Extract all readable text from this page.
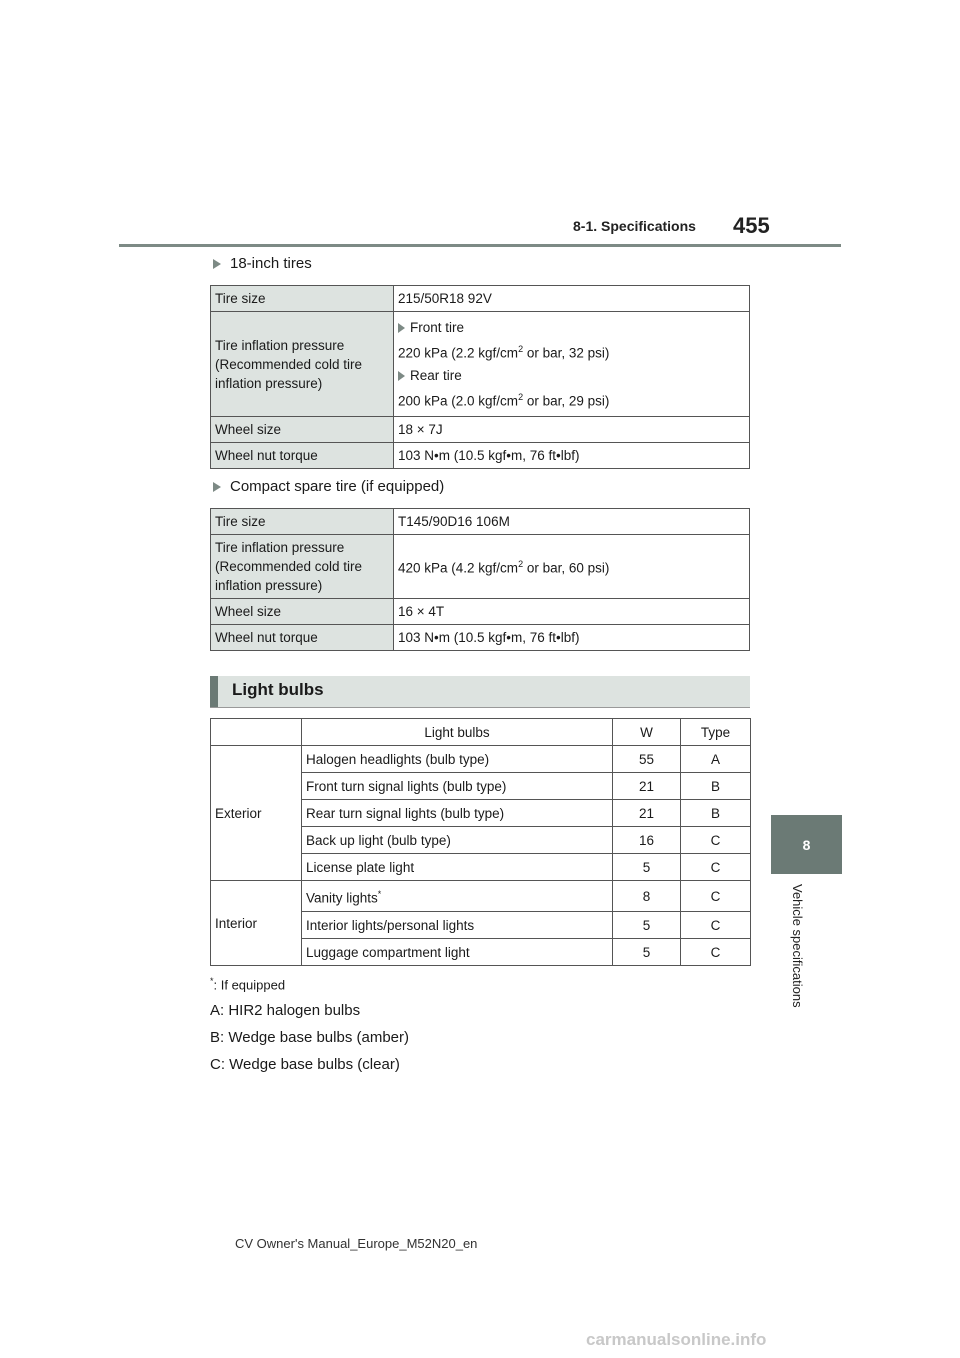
8-1. Specifications 455
8
Vehicle specifications
18-inch tires
Tire size	215/50R18 92V
Tire inflation pressure (Recommended cold tire inflation pressure)	Front tire

220 kPa (2.2 kgf/$cm^2$ or bar, 32 psi)

Rear tire

200 kPa (2.0 kgf/$cm^2$ or bar, 29 psi)

Wheel size	18 × 7J
Wheel nut torque	103 N•m (10.5 kgf•m, 76 ft•lbf)
Compact spare tire (if equipped)
Tire size	T145/90D16 106M
Tire inflation pressure (Recommended cold tire inflation pressure)	420 kPa (4.2 kgf/$cm^2$ or bar, 60 psi)
Wheel size	16 × 4T
Wheel nut torque	103 N•m (10.5 kgf•m, 76 ft•lbf)
Light bulbs
	Light bulbs	W	Type
Exterior	Halogen headlights (bulb type)	55	A
	Front turn signal lights (bulb type)	21	B
	Rear turn signal lights (bulb type)	21	B
	Back up light (bulb type)	16	C
	License plate light	5	C
Interior	Vanity lights*	8	C
	Interior lights/personal lights	5	C
	Luggage compartment light	5	C
*: If equipped
A: HIR2 halogen bulbs
B: Wedge base bulbs (amber)
C: Wedge base bulbs (clear)
CV Owner's Manual_Europe_M52N20_en
carmanualsonline.info
